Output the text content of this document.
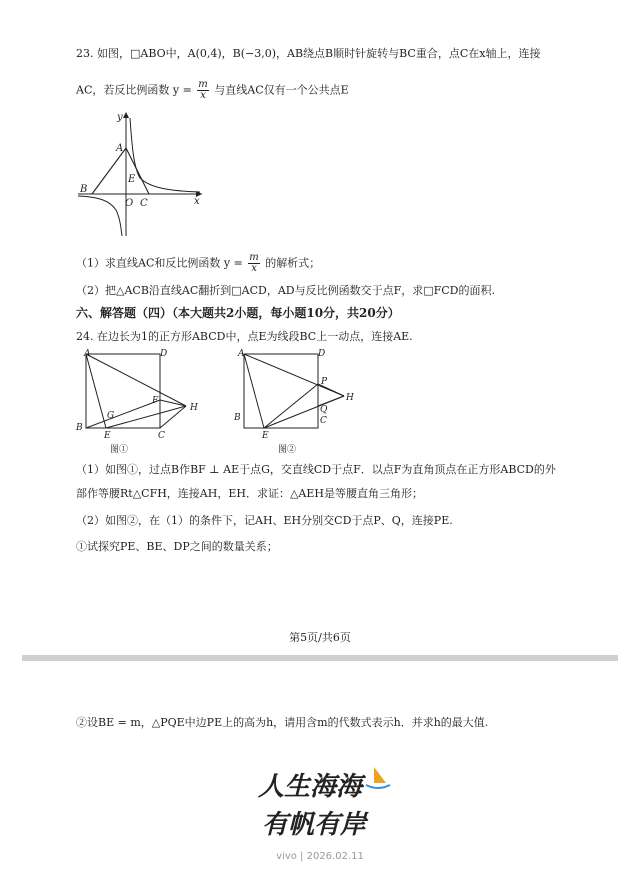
23. 如图，□ABO中，A(0,4)，B(−3,0)，AB绕点B顺时针旋转与BC重合，点C在x轴上，连接
AC，若反比例函数 $y = \frac{m}{x}$ 与直线AC仅有一个公共点E
y
A
E
B
O C	x
（1）求直线AC和反比例函数 $y = \frac{m}{x}$ 的解析式；
（2）把△ACB沿直线AC翻折到□ACD，AD与反比例函数交于点F，求□FCD的面积.
六、解答题（四）（本大题共2小题，每小题10分，共20分）
24. 在边长为1的正方形ABCD中，点E为线段BC上一动点，连接AE.
A	D
B
C
E
F
G
H
图①
A	D
B	C
E
P
Q
H
图②
（1）如图①，过点B作BF ⊥ AE于点G，交直线CD于点F．以点F为直角顶点在正方形ABCD的外
部作等腰Rt△CFH，连接AH，EH．求证：△AEH是等腰直角三角形；
（2）如图②，在（1）的条件下，记AH、EH分别交CD于点P、Q，连接PE.
①试探究PE、BE、DP之间的数量关系；
第5页/共6页
②设BE = m，△PQE中边PE上的高为h，请用含m的代数式表示h．并求h的最大值.
人生海海
有帆有岸
vivo | 2026.02.11
